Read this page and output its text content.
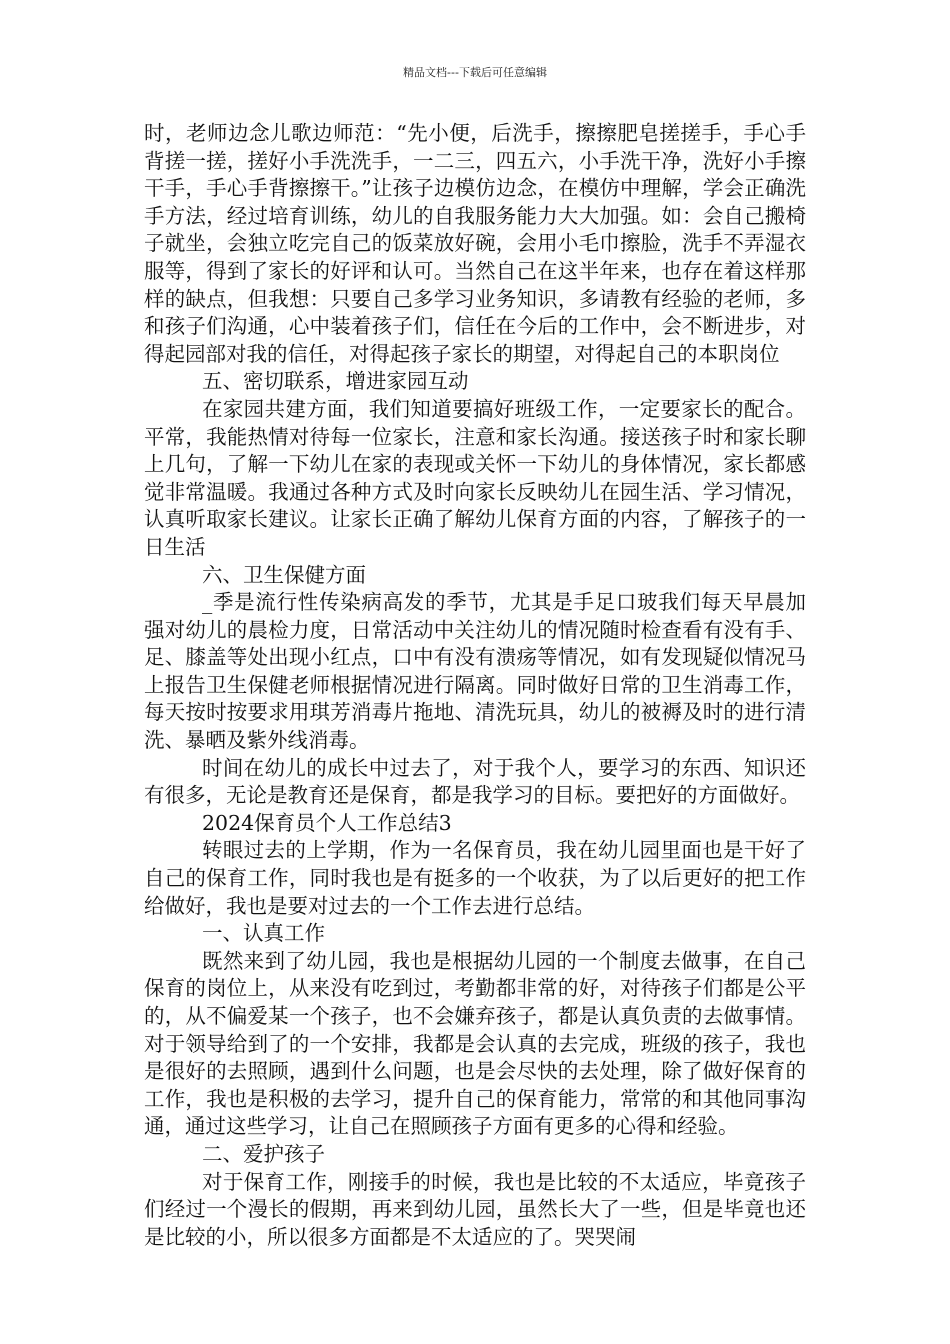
精品文档---下载后可任意编辑

时，老师边念儿歌边师范：“先小便，后洗手，擦擦肥皂搓搓手，手心手背搓一搓，搓好小手洗洗手，一二三，四五六，小手洗干净，洗好小手擦干手，手心手背擦擦干。”让孩子边模仿边念，在模仿中理解，学会正确洗手方法，经过培育训练，幼儿的自我服务能力大大加强。如：会自己搬椅子就坐，会独立吃完自己的饭菜放好碗，会用小毛巾擦脸，洗手不弄湿衣服等，得到了家长的好评和认可。当然自己在这半年来，也存在着这样那样的缺点，但我想：只要自己多学习业务知识，多请教有经验的老师，多和孩子们沟通，心中装着孩子们，信任在今后的工作中，会不断进步，对得起园部对我的信任，对得起孩子家长的期望，对得起自己的本职岗位

五、密切联系，增进家园互动

在家园共建方面，我们知道要搞好班级工作，一定要家长的配合。平常，我能热情对待每一位家长，注意和家长沟通。接送孩子时和家长聊上几句，了解一下幼儿在家的表现或关怀一下幼儿的身体情况，家长都感觉非常温暖。我通过各种方式及时向家长反映幼儿在园生活、学习情况，认真听取家长建议。让家长正确了解幼儿保育方面的内容，了解孩子的一日生活

六、卫生保健方面

_季是流行性传染病高发的季节，尤其是手足口玻我们每天早晨加强对幼儿的晨检力度，日常活动中关注幼儿的情况随时检查看有没有手、足、膝盖等处出现小红点，口中有没有溃疡等情况，如有发现疑似情况马上报告卫生保健老师根据情况进行隔离。同时做好日常的卫生消毒工作，每天按时按要求用琪芳消毒片拖地、清洗玩具，幼儿的被褥及时的进行清洗、暴晒及紫外线消毒。

时间在幼儿的成长中过去了，对于我个人，要学习的东西、知识还有很多，无论是教育还是保育，都是我学习的目标。要把好的方面做好。

2024保育员个人工作总结3

转眼过去的上学期，作为一名保育员，我在幼儿园里面也是干好了自己的保育工作，同时我也是有挺多的一个收获，为了以后更好的把工作给做好，我也是要对过去的一个工作去进行总结。

一、认真工作

既然来到了幼儿园，我也是根据幼儿园的一个制度去做事，在自己保育的岗位上，从来没有吃到过，考勤都非常的好，对待孩子们都是公平的，从不偏爱某一个孩子，也不会嫌弃孩子，都是认真负责的去做事情。对于领导给到了的一个安排，我都是会认真的去完成，班级的孩子，我也是很好的去照顾，遇到什么问题，也是会尽快的去处理，除了做好保育的工作，我也是积极的去学习，提升自己的保育能力，常常的和其他同事沟通，通过这些学习，让自己在照顾孩子方面有更多的心得和经验。

二、爱护孩子

对于保育工作，刚接手的时候，我也是比较的不太适应，毕竟孩子们经过一个漫长的假期，再来到幼儿园，虽然长大了一些，但是毕竟也还是比较的小，所以很多方面都是不太适应的了。哭哭闹
